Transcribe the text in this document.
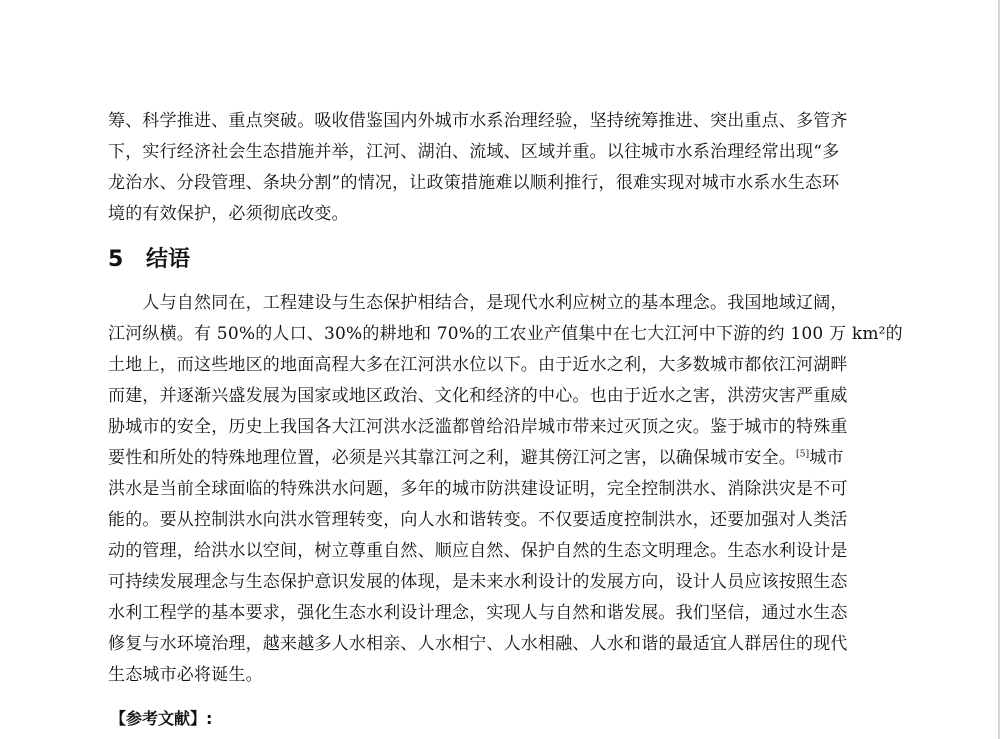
筹、科学推进、重点突破。吸收借鉴国内外城市水系治理经验，坚持统筹推进、突出重点、多管齐
下，实行经济社会生态措施并举，江河、湖泊、流域、区域并重。以往城市水系治理经常出现“多
龙治水、分段管理、条块分割”的情况，让政策措施难以顺利推行，很难实现对城市水系水生态环
境的有效保护，必须彻底改变。
5 结语
　　人与自然同在，工程建设与生态保护相结合，是现代水利应树立的基本理念。我国地域辽阔，
江河纵横。有 50%的人口、30%的耕地和 70%的工农业产值集中在七大江河中下游的约 100 万 km²的
土地上，而这些地区的地面高程大多在江河洪水位以下。由于近水之利，大多数城市都依江河湖畔
而建，并逐渐兴盛发展为国家或地区政治、文化和经济的中心。也由于近水之害，洪涝灾害严重威
胁城市的安全，历史上我国各大江河洪水泛滥都曾给沿岸城市带来过灭顶之灾。鉴于城市的特殊重
要性和所处的特殊地理位置，必须是兴其靠江河之利，避其傍江河之害，以确保城市安全。[5]城市
洪水是当前全球面临的特殊洪水问题，多年的城市防洪建设证明，完全控制洪水、消除洪灾是不可
能的。要从控制洪水向洪水管理转变，向人水和谐转变。不仅要适度控制洪水，还要加强对人类活
动的管理，给洪水以空间，树立尊重自然、顺应自然、保护自然的生态文明理念。生态水利设计是
可持续发展理念与生态保护意识发展的体现，是未来水利设计的发展方向，设计人员应该按照生态
水利工程学的基本要求，强化生态水利设计理念，实现人与自然和谐发展。我们坚信，通过水生态
修复与水环境治理，越来越多人水相亲、人水相宁、人水相融、人水和谐的最适宜人群居住的现代
生态城市必将诞生。
【参考文献】:
